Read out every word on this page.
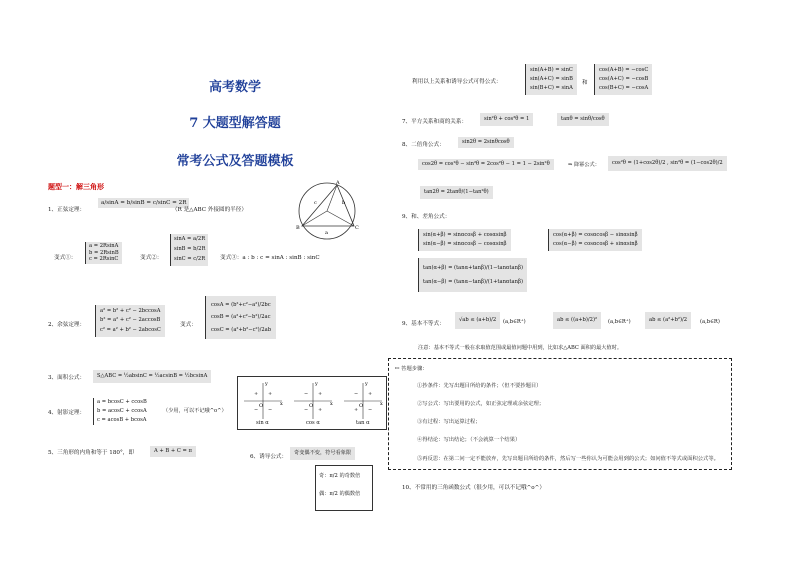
高考数学
7 大题型解答题
常考公式及答题模板
题型一：解三角形	A
B	C
a
c	b
1、正弦定理：
a/sinA = b/sinB = c/sinC = 2R
（R 是△ABC 外接圆的半径）
变式①：
a = 2RsinA
b = 2RsinB
c = 2RsinC	变式②：
sinA = a/2R
sinB = b/2R
sinC = c/2R	变式③：a : b : c = sinA : sinB : sinC
2、余弦定理：
a² = b² + c² − 2bccosA
b² = a² + c² − 2accosB
c² = a² + b² − 2abcosC
变式：
cosA = (b²+c²−a²)/2bc
cosB = (a²+c²−b²)/2ac
cosC = (a²+b²−c²)/2ab
3、面积公式：	S△ABC = ½absinC = ½acsinB = ½bcsinA
4、射影定理：
a = bcosC + ccosB
b = acosC + ccosA
c = acosB + bcosA
（少用，可以不记哦^o^）
y
x
O
+ +
− −
y
x
O
− +
− +
y
x
O
− +
+ −
sin α	cos α	tan α
5、三角形的内角和等于 180°，即	A + B + C = π
6、诱导公式：
奇变偶不变，符号看象限
奇：π/2 的奇数倍
偶：π/2 的偶数倍
利用以上关系和诱导公式可得公式：
sin(A+B) = sinC
sin(A+C) = sinB
sin(B+C) = sinA
和
cos(A+B) = −cosC
cos(A+C) = −cosB
cos(B+C) = −cosA
7、平方关系和商的关系：	sin²θ + cos²θ = 1	tanθ = sinθ/cosθ
8、二倍角公式：	sin2θ = 2sinθcosθ
cos2θ = cos²θ − sin²θ = 2cos²θ − 1 = 1 − 2sin²θ	⇒ 降幂公式：	cos²θ = (1+cos2θ)/2 , sin²θ = (1−cos2θ)/2
tan2θ = 2tanθ/(1−tan²θ)
9、和、差角公式：
sin(α+β) = sinαcosβ + cosαsinβ
sin(α−β) = sinαcosβ − cosαsinβ
cos(α+β) = cosαcosβ − sinαsinβ
cos(α−β) = cosαcosβ + sinαsinβ
tan(α+β) = (tanα+tanβ)/(1−tanαtanβ)
tan(α−β) = (tanα−tanβ)/(1+tanαtanβ)
9、基本不等式：
√ab ≤ (a+b)/2	(a,b∈R⁺)	ab ≤ ((a+b)/2)²	(a,b∈R⁺)	ab ≤ (a²+b²)/2	(a,b∈R)
注意：基本不等式一般在求取值范围或最值问题中用到，比如求△ABC 面积的最大值时。
✏ 答题步骤：
①抄条件：先写出题目所给的条件；（但不要抄题目）
②写公式：写出要用的公式，如正弦定理或余弦定理；
③有过程：写出运算过程；
④得结论：写出结论；（不会就算一个结果）
⑤再反思：在第二问一定不能放弃，先写出题目所给的条件，然后写一些你认为可能会用到的公式；如问值不等式或面积公式等。
10、不常用的三角函数公式（很少用，可以不记哦^o^）
